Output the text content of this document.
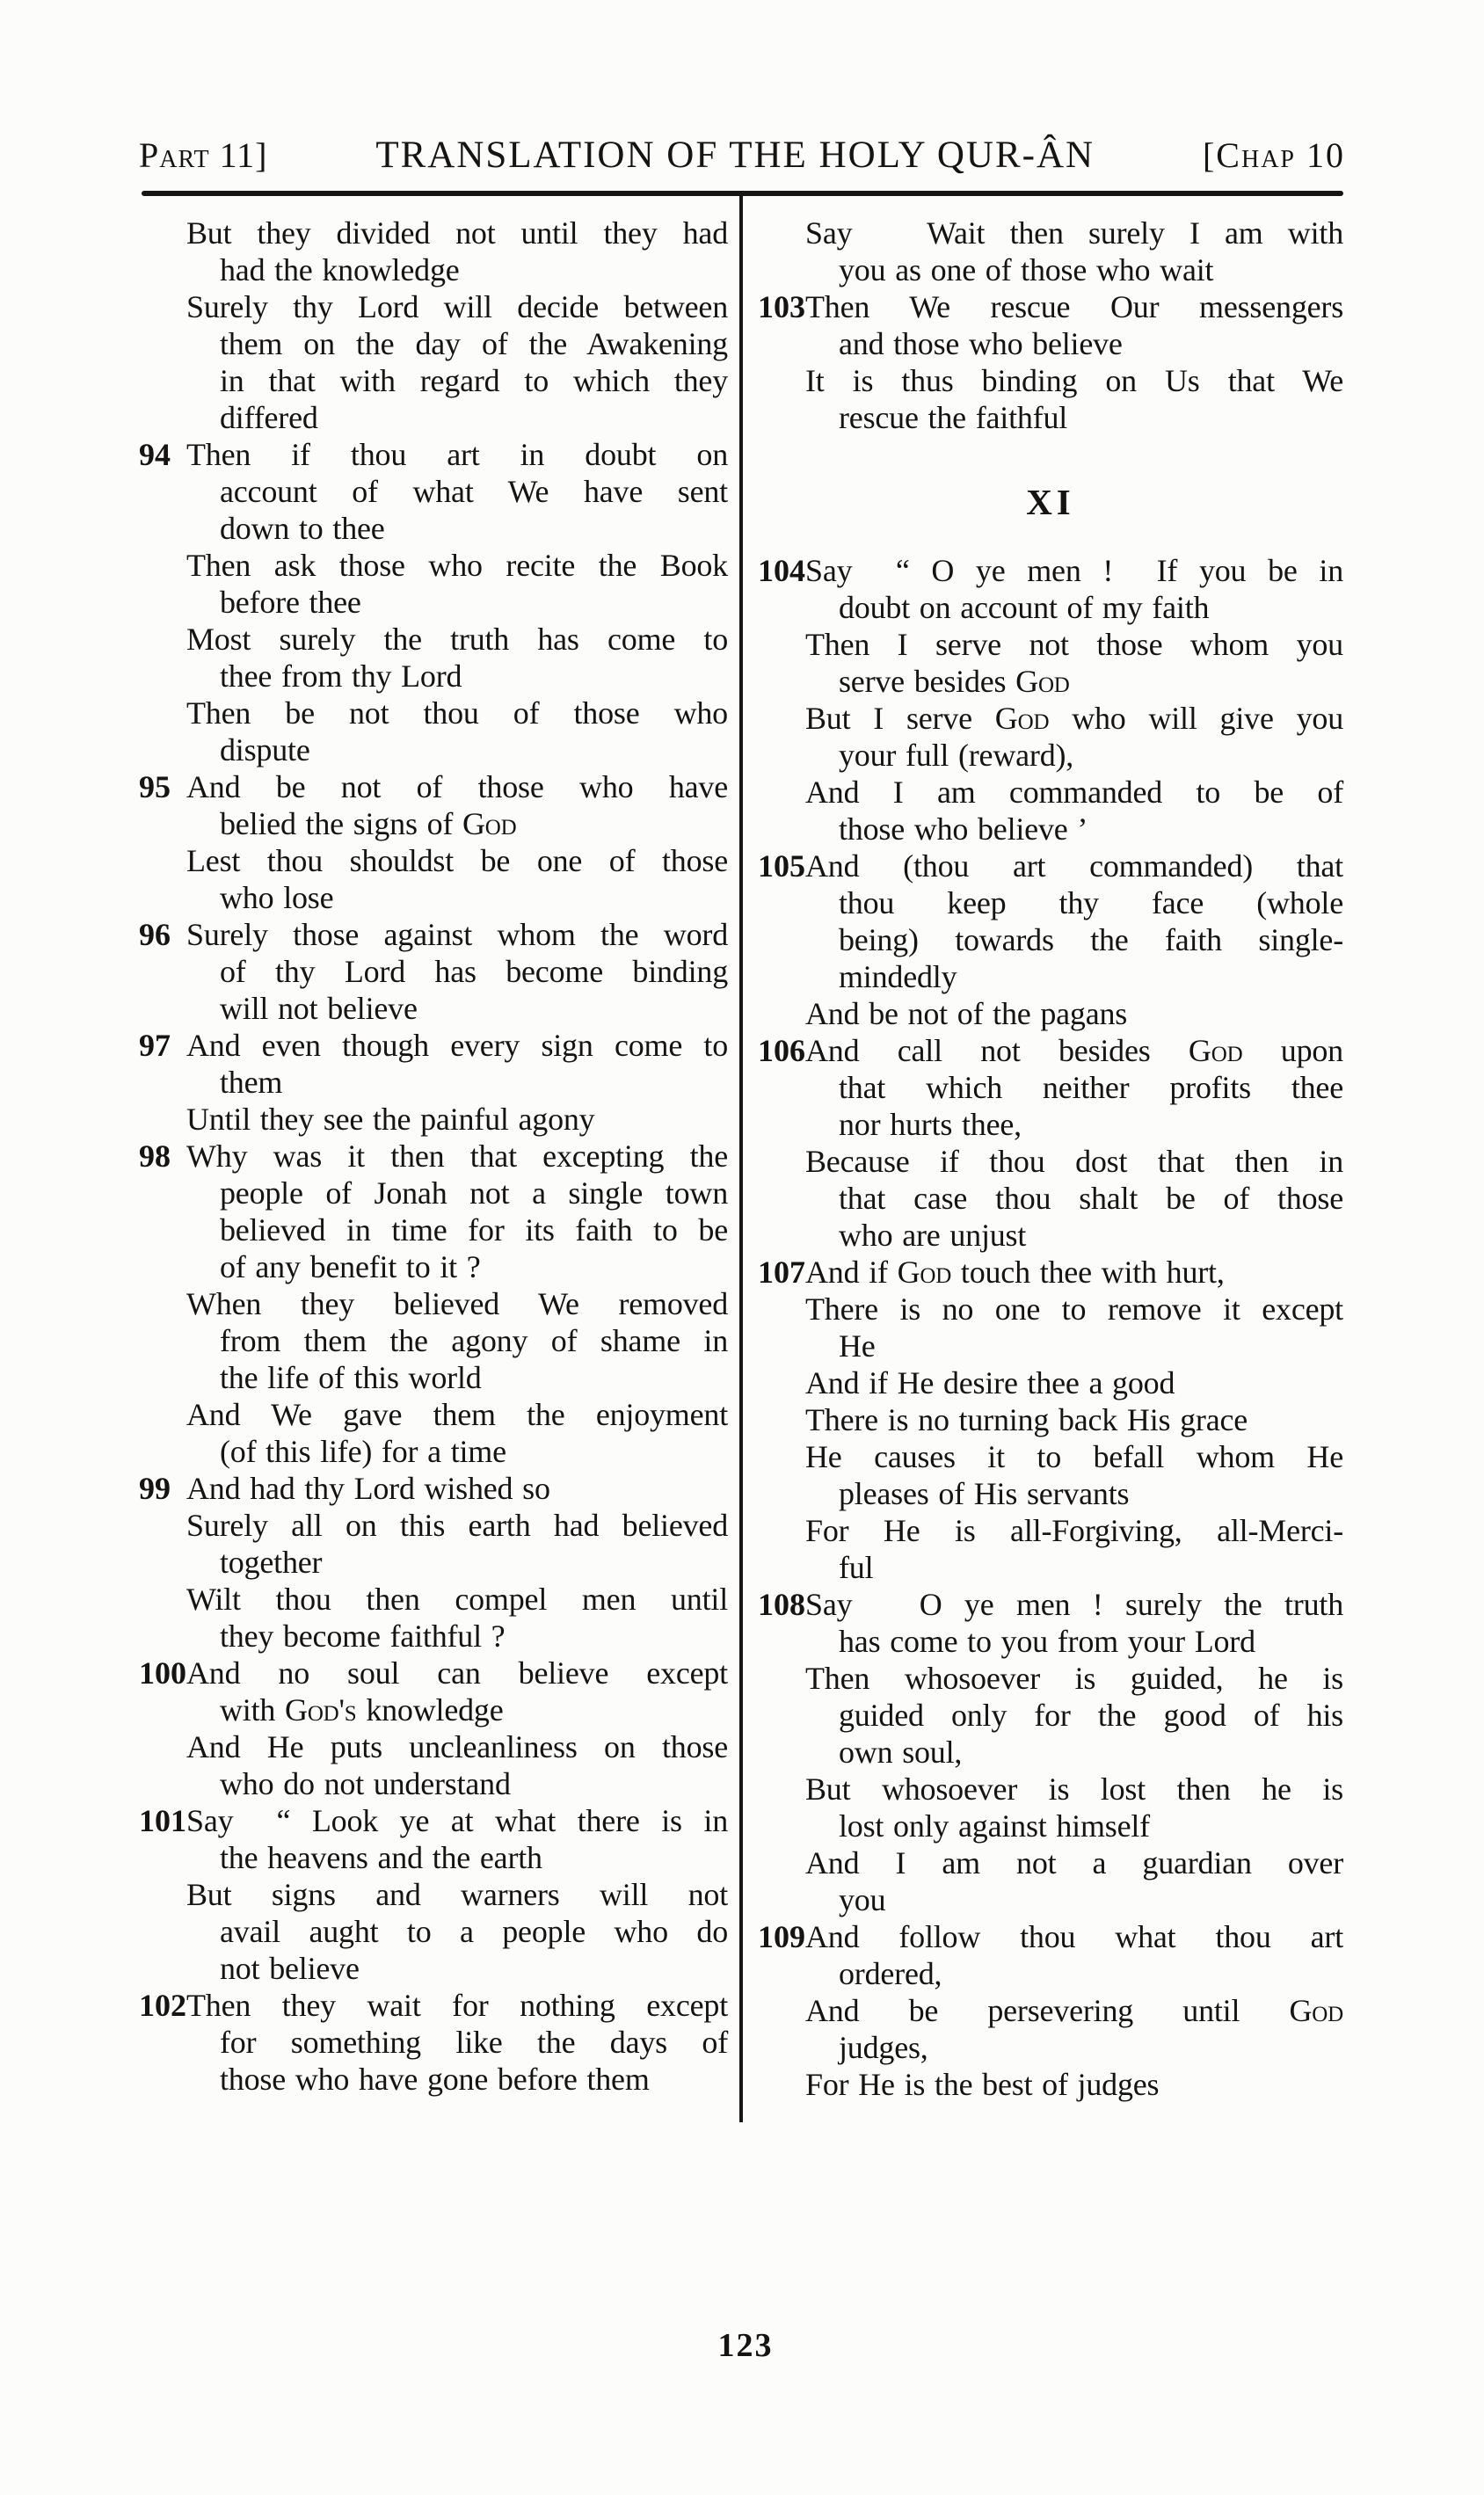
Part 11]	TRANSLATION OF THE HOLY QUR-ÂN	[Chap 10
But they divided not until they had
had the knowledge
Surely thy Lord will decide between
them on the day of the Awakening
in that with regard to which they
differed
94 Then if thou art in doubt on
account of what We have sent
down to thee
Then ask those who recite the Book
before thee
Most surely the truth has come to
thee from thy Lord
Then be not thou of those who
dispute
95 And be not of those who have
belied the signs of God
Lest thou shouldst be one of those
who lose
96 Surely those against whom the word
of thy Lord has become binding
will not believe
97 And even though every sign come to
them
Until they see the painful agony
98 Why was it then that excepting the
people of Jonah not a single town
believed in time for its faith to be
of any benefit to it ?
When they believed We removed
from them the agony of shame in
the life of this world
And We gave them the enjoyment
(of this life) for a time
99 And had thy Lord wished so
Surely all on this earth had believed
together
Wilt thou then compel men until
they become faithful ?
100 And no soul can believe except
with God's knowledge
And He puts uncleanliness on those
who do not understand
101 Say  “ Look ye at what there is in
the heavens and the earth
But signs and warners will not
avail aught to a people who do
not believe
102 Then they wait for nothing except
for something like the days of
those who have gone before them
Say   Wait then surely I am with
you as one of those who wait
103 Then We rescue Our messengers
and those who believe
It is thus binding on Us that We
rescue the faithful
XI
104 Say  “ O ye men !  If you be in
doubt on account of my faith
Then I serve not those whom you
serve besides God
But I serve God who will give you
your full (reward),
And I am commanded to be of
those who believe ’
105 And (thou art commanded) that
thou keep thy face (whole
being) towards the faith single-
mindedly
And be not of the pagans
106 And call not besides God upon
that which neither profits thee
nor hurts thee,
Because if thou dost that then in
that case thou shalt be of those
who are unjust
107 And if God touch thee with hurt,
There is no one to remove it except
He
And if He desire thee a good
There is no turning back His grace
He causes it to befall whom He
pleases of His servants
For He is all-Forgiving, all-Merci-
ful
108 Say   O ye men ! surely the truth
has come to you from your Lord
Then whosoever is guided, he is
guided only for the good of his
own soul,
But whosoever is lost then he is
lost only against himself
And I am not a guardian over
you
109 And follow thou what thou art
ordered,
And be persevering until God
judges,
For He is the best of judges
123
